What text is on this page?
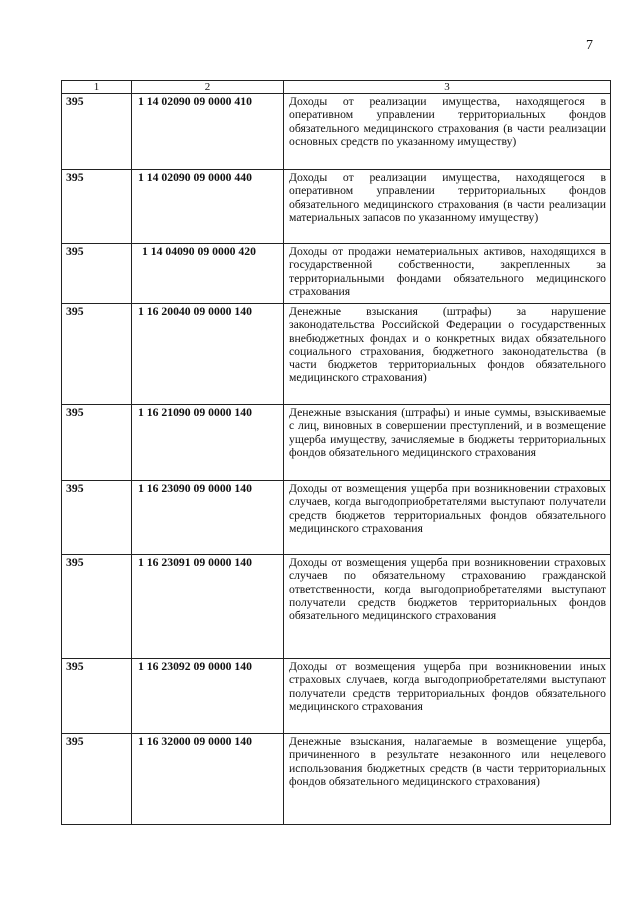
7
1	2	3
395	1 14 02090 09 0000 410	Доходы от реализации имущества, находящегося в оперативном управлении территориальных фондов обязательного медицинского страхования (в части реализации основных средств по указанному имуществу)
395	1 14 02090 09 0000 440	Доходы от реализации имущества, находящегося в оперативном управлении территориальных фондов обязательного медицинского страхования (в части реализации материальных запасов по указанному имуществу)
395	1 14 04090 09 0000 420	Доходы от продажи нематериальных активов, находящихся в государственной собственности, закрепленных за территориальными фондами обязательного медицинского страхования
395	1 16 20040 09 0000 140	Денежные взыскания (штрафы) за нарушение законодательства Российской Федерации о государственных внебюджетных фондах и о конкретных видах обязательного социального страхования, бюджетного законодательства (в части бюджетов территориальных фондов обязательного медицинского страхования)
395	1 16 21090 09 0000 140	Денежные взыскания (штрафы) и иные суммы, взыскиваемые с лиц, виновных в совершении преступлений, и в возмещение ущерба имуществу, зачисляемые в бюджеты территориальных фондов обязательного медицинского страхования
395	1 16 23090 09 0000 140	Доходы от возмещения ущерба при возникновении страховых случаев, когда выгодоприобретателями выступают получатели средств бюджетов территориальных фондов обязательного медицинского страхования
395	1 16 23091 09 0000 140	Доходы от возмещения ущерба при возникновении страховых случаев по обязательному страхованию гражданской ответственности, когда выгодоприобретателями выступают получатели средств бюджетов территориальных фондов обязательного медицинского страхования
395	1 16 23092 09 0000 140	Доходы от возмещения ущерба при возникновении иных страховых случаев, когда выгодоприобретателями выступают получатели средств территориальных фондов обязательного медицинского страхования
395	1 16 32000 09 0000 140	Денежные взыскания, налагаемые в возмещение ущерба, причиненного в результате незаконного или нецелевого использования бюджетных средств (в части территориальных фондов обязательного медицинского страхования)
